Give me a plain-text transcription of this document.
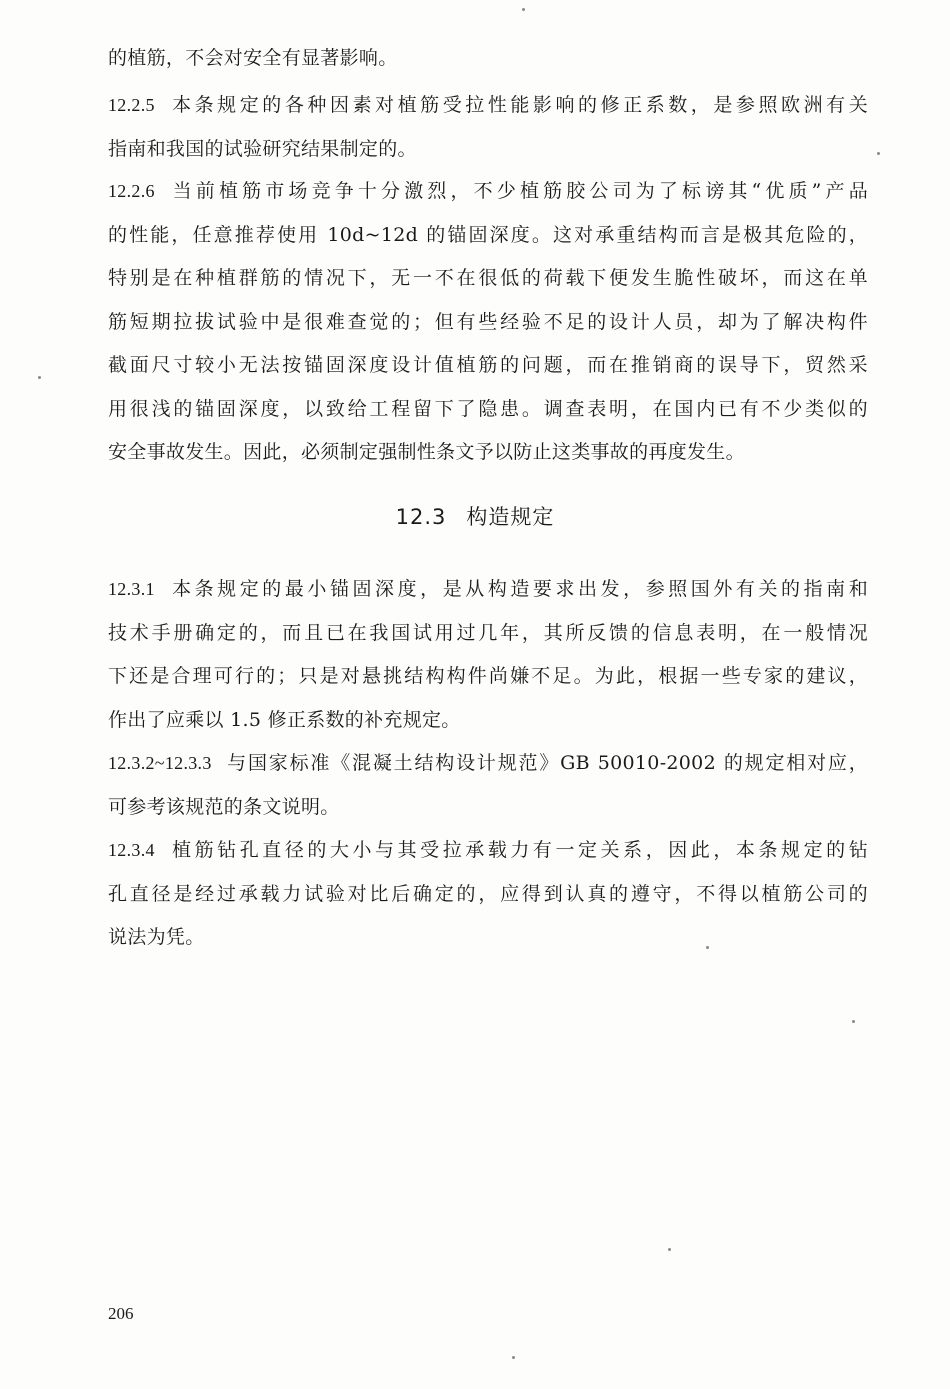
的植筋，不会对安全有显著影响。
12.2.5 本条规定的各种因素对植筋受拉性能影响的修正系数，是参照欧洲有关
指南和我国的试验研究结果制定的。
12.2.6 当前植筋市场竞争十分激烈，不少植筋胶公司为了标谤其“优质”产品
的性能，任意推荐使用 10d~12d 的锚固深度。这对承重结构而言是极其危险的，
特别是在种植群筋的情况下，无一不在很低的荷载下便发生脆性破坏，而这在单
筋短期拉拔试验中是很难查觉的；但有些经验不足的设计人员，却为了解决构件
截面尺寸较小无法按锚固深度设计值植筋的问题，而在推销商的误导下，贸然采
用很浅的锚固深度，以致给工程留下了隐患。调查表明，在国内已有不少类似的
安全事故发生。因此，必须制定强制性条文予以防止这类事故的再度发生。
12.3 构造规定
12.3.1 本条规定的最小锚固深度，是从构造要求出发，参照国外有关的指南和
技术手册确定的，而且已在我国试用过几年，其所反馈的信息表明，在一般情况
下还是合理可行的；只是对悬挑结构构件尚嫌不足。为此，根据一些专家的建议，
作出了应乘以 1.5 修正系数的补充规定。
12.3.2~12.3.3 与国家标准《混凝土结构设计规范》GB 50010-2002 的规定相对应，
可参考该规范的条文说明。
12.3.4 植筋钻孔直径的大小与其受拉承载力有一定关系，因此，本条规定的钻
孔直径是经过承载力试验对比后确定的，应得到认真的遵守，不得以植筋公司的
说法为凭。
206
